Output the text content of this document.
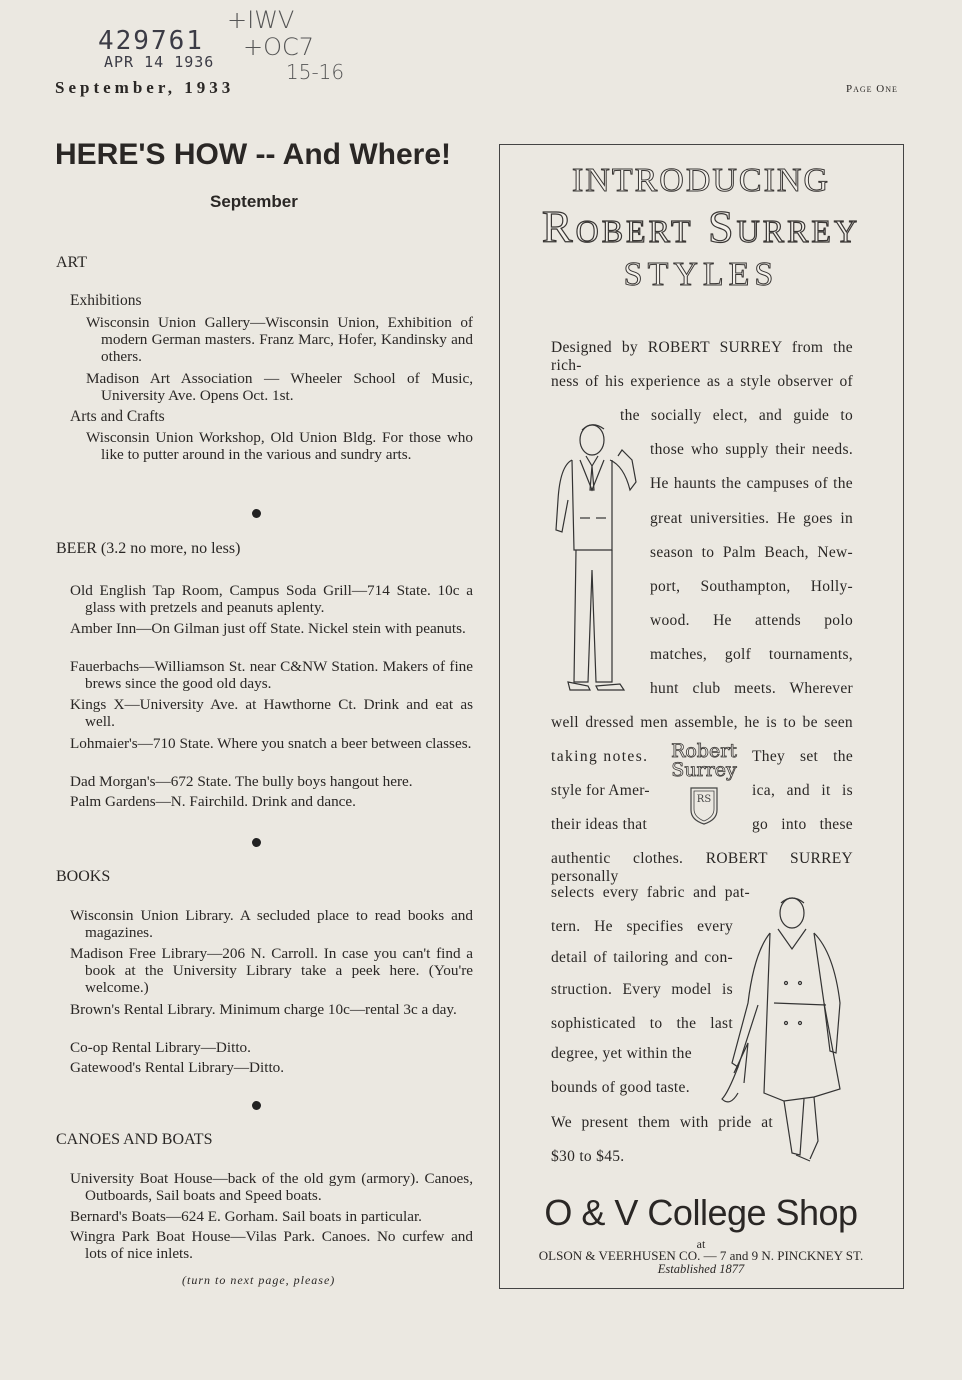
429761
APR 14 1936
+IWV
+OC7
15-16
September, 1933	Page One
HERE'S HOW -- And Where!
September
ART
Exhibitions
Wisconsin Union Gallery—Wisconsin Union, Exhibition of modern German masters. Franz Marc, Hofer, Kandinsky and others.
Madison Art Association — Wheeler School of Music, University Ave. Opens Oct. 1st.
Arts and Crafts
Wisconsin Union Workshop, Old Union Bldg. For those who like to putter around in the various and sundry arts.
BEER (3.2 no more, no less)
Old English Tap Room, Campus Soda Grill—714 State. 10c a glass with pretzels and peanuts aplenty.
Amber Inn—On Gilman just off State. Nickel stein with peanuts.
Fauerbachs—Williamson St. near C&NW Station. Makers of fine brews since the good old days.
Kings X—University Ave. at Hawthorne Ct. Drink and eat as well.
Lohmaier's—710 State. Where you snatch a beer between classes.
Dad Morgan's—672 State. The bully boys hangout here.
Palm Gardens—N. Fairchild. Drink and dance.
BOOKS
Wisconsin Union Library. A secluded place to read books and magazines.
Madison Free Library—206 N. Carroll. In case you can't find a book at the University Library take a peek here. (You're welcome.)
Brown's Rental Library. Minimum charge 10c—rental 3c a day.
Co-op Rental Library—Ditto.
Gatewood's Rental Library—Ditto.
CANOES AND BOATS
University Boat House—back of the old gym (armory). Canoes, Outboards, Sail boats and Speed boats.
Bernard's Boats—624 E. Gorham. Sail boats in particular.
Wingra Park Boat House—Vilas Park. Canoes. No curfew and lots of nice inlets.
(turn to next page, please)
INTRODUCING
Robert Surrey
STYLES
Designed by ROBERT SURREY from the rich-
ness of his experience as a style observer of
the socially elect, and guide to
those who supply their needs.
He haunts the campuses of the
great universities. He goes in
season to Palm Beach, New-
port, Southampton, Holly-
wood. He attends polo
matches, golf tournaments,
hunt club meets. Wherever
well dressed men assemble, he is to be seen
taking notes.	They set the
style for Amer-	ica, and it is
their ideas that	go into these
authentic clothes. ROBERT SURREY personally
selects every fabric and pat-
tern. He specifies every
detail of tailoring and con-
struction. Every model is
sophisticated to the last
degree, yet within the
bounds of good taste.
We present them with pride at
$30 to $45.
Robert
Surrey
RS
O & V College Shop
at
OLSON & VEERHUSEN CO. — 7 and 9 N. PINCKNEY ST.
Established 1877
